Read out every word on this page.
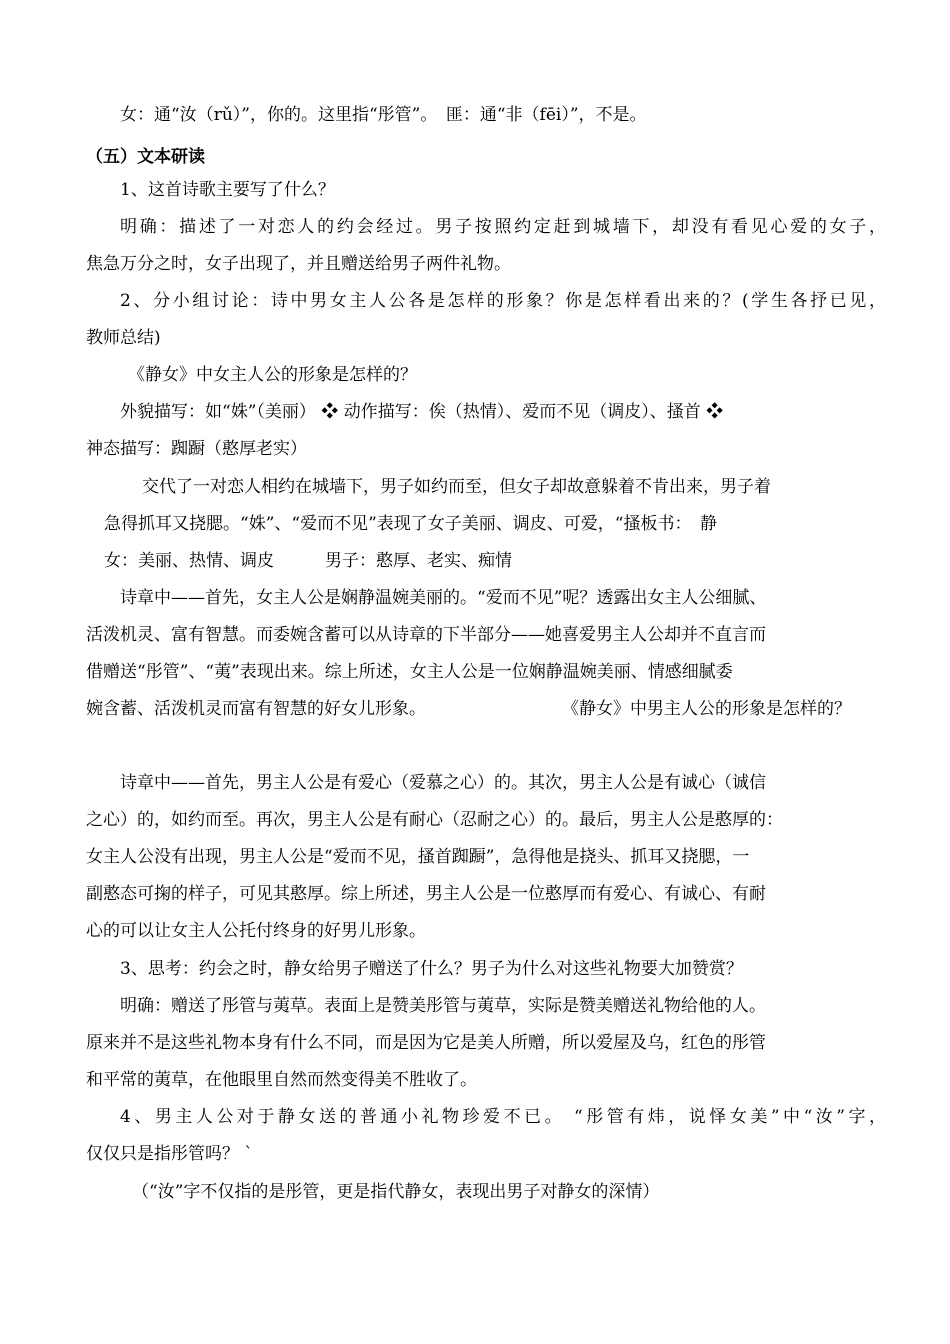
女：通“汝（rǔ）”，你的。这里指“彤管”。　匪：通“非（fēi）”，不是。
（五）文本研读
1、这首诗歌主要写了什么？
明确：描述了一对恋人的约会经过。男子按照约定赶到城墙下，却没有看见心爱的女子，
焦急万分之时，女子出现了，并且赠送给男子两件礼物。
2、分小组讨论：诗中男女主人公各是怎样的形象？你是怎样看出来的？(学生各抒已见，
教师总结)
《静女》中女主人公的形象是怎样的？
外貌描写：如“姝”（美丽） ❖ 动作描写：俟（热情）、爱而不见（调皮）、搔首 ❖
神态描写：踟蹰（憨厚老实）
交代了一对恋人相约在城墙下，男子如约而至，但女子却故意躲着不肯出来，男子着
急得抓耳又挠腮。“姝”、“爱而不见”表现了女子美丽、调皮、可爱，“搔板书：　静
女：美丽、热情、调皮　　　男子：憨厚、老实、痴情
诗章中——首先，女主人公是娴静温婉美丽的。“爱而不见”呢？透露出女主人公细腻、
活泼机灵、富有智慧。而委婉含蓄可以从诗章的下半部分——她喜爱男主人公却并不直言而
借赠送“彤管”、“荑”表现出来。综上所述，女主人公是一位娴静温婉美丽、情感细腻委
婉含蓄、活泼机灵而富有智慧的好女儿形象。	《静女》中男主人公的形象是怎样的？
诗章中——首先，男主人公是有爱心（爱慕之心）的。其次，男主人公是有诚心（诚信
之心）的，如约而至。再次，男主人公是有耐心（忍耐之心）的。最后，男主人公是憨厚的：
女主人公没有出现，男主人公是“爱而不见，搔首踟蹰”，急得他是挠头、抓耳又挠腮，一
副憨态可掬的样子，可见其憨厚。综上所述，男主人公是一位憨厚而有爱心、有诚心、有耐
心的可以让女主人公托付终身的好男儿形象。
3、思考：约会之时，静女给男子赠送了什么？男子为什么对这些礼物要大加赞赏？
明确：赠送了彤管与荑草。表面上是赞美彤管与荑草，实际是赞美赠送礼物给他的人。
原来并不是这些礼物本身有什么不同，而是因为它是美人所赠，所以爱屋及乌，红色的彤管
和平常的荑草，在他眼里自然而然变得美不胜收了。
4、男主人公对于静女送的普通小礼物珍爱不已。 “彤管有炜，说怿女美”中“汝”字，
仅仅只是指彤管吗？ `
（“汝”字不仅指的是彤管，更是指代静女，表现出男子对静女的深情）
